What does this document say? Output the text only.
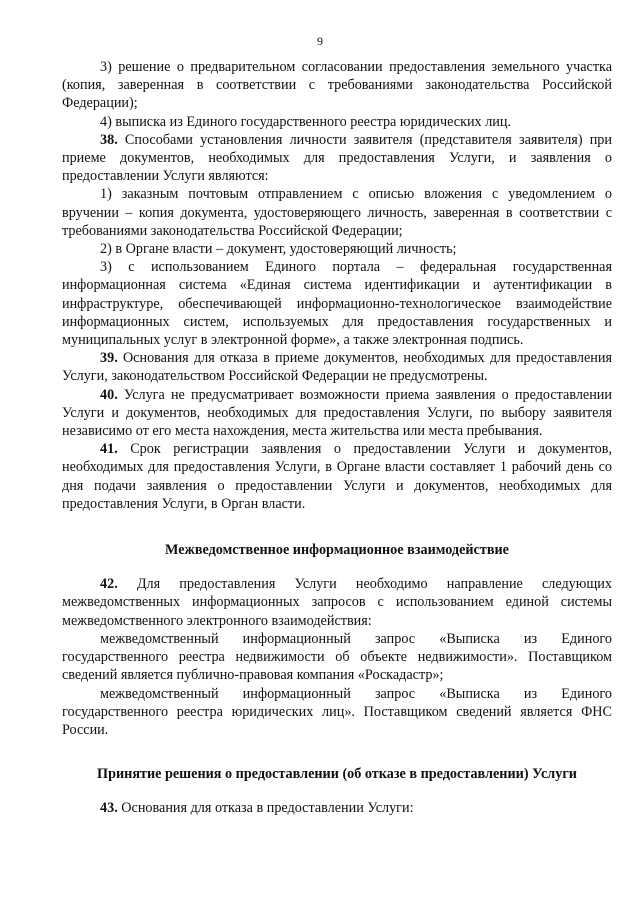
9

3) решение о предварительном согласовании предоставления земельного участка (копия, заверенная в соответствии с требованиями законодательства Российской Федерации);

4) выписка из Единого государственного реестра юридических лиц.

38. Способами установления личности заявителя (представителя заявителя) при приеме документов, необходимых для предоставления Услуги, и заявления о предоставлении Услуги являются:

1) заказным почтовым отправлением с описью вложения с уведомлением о вручении – копия документа, удостоверяющего личность, заверенная в соответствии с требованиями законодательства Российской Федерации;

2) в Органе власти – документ, удостоверяющий личность;

3) с использованием Единого портала – федеральная государственная информационная система «Единая система идентификации и аутентификации в инфраструктуре, обеспечивающей информационно-технологическое взаимодействие информационных систем, используемых для предоставления государственных и муниципальных услуг в электронной форме», а также электронная подпись.

39. Основания для отказа в приеме документов, необходимых для предоставления Услуги, законодательством Российской Федерации не предусмотрены.

40. Услуга не предусматривает возможности приема заявления о предоставлении Услуги и документов, необходимых для предоставления Услуги, по выбору заявителя независимо от его места нахождения, места жительства или места пребывания.

41. Срок регистрации заявления о предоставлении Услуги и документов, необходимых для предоставления Услуги, в Органе власти составляет 1 рабочий день со дня подачи заявления о предоставлении Услуги и документов, необходимых для предоставления Услуги, в Орган власти.

Межведомственное информационное взаимодействие

42. Для предоставления Услуги необходимо направление следующих межведомственных информационных запросов с использованием единой системы межведомственного электронного взаимодействия:

межведомственный информационный запрос «Выписка из Единого государственного реестра недвижимости об объекте недвижимости». Поставщиком сведений является публично-правовая компания «Роскадастр»;

межведомственный информационный запрос «Выписка из Единого государственного реестра юридических лиц». Поставщиком сведений является ФНС России.

Принятие решения о предоставлении (об отказе в предоставлении) Услуги

43. Основания для отказа в предоставлении Услуги:
